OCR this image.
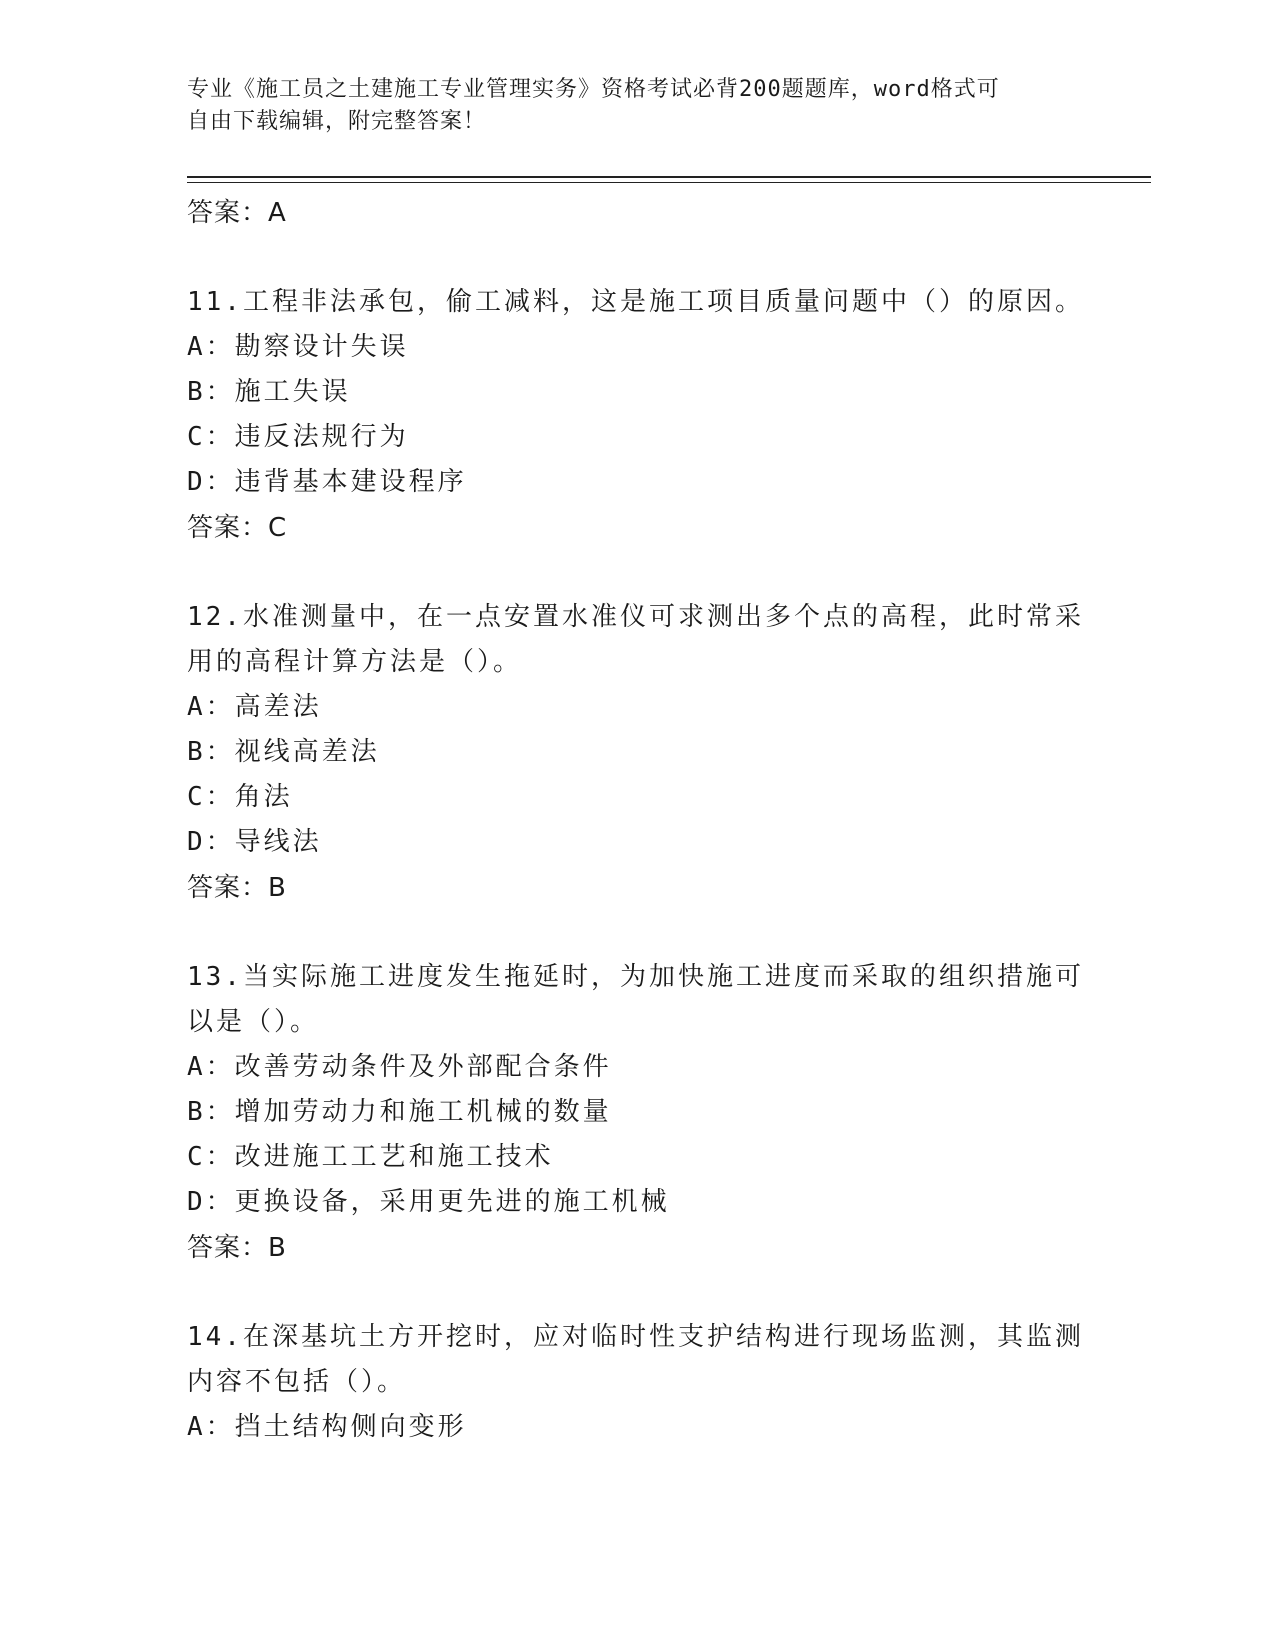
专业《施工员之土建施工专业管理实务》资格考试必背200题题库，word格式可
自由下载编辑，附完整答案！
答案：A
11.工程非法承包，偷工减料，这是施工项目质量问题中（）的原因。
A：勘察设计失误
B：施工失误
C：违反法规行为
D：违背基本建设程序
答案：C
12.水准测量中，在一点安置水准仪可求测出多个点的高程，此时常采用的高程计算方法是（）。
A：高差法
B：视线高差法
C：角法
D：导线法
答案：B
13.当实际施工进度发生拖延时，为加快施工进度而采取的组织措施可以是（）。
A：改善劳动条件及外部配合条件
B：增加劳动力和施工机械的数量
C：改进施工工艺和施工技术
D：更换设备，采用更先进的施工机械
答案：B
14.在深基坑土方开挖时，应对临时性支护结构进行现场监测，其监测内容不包括（）。
A：挡土结构侧向变形
